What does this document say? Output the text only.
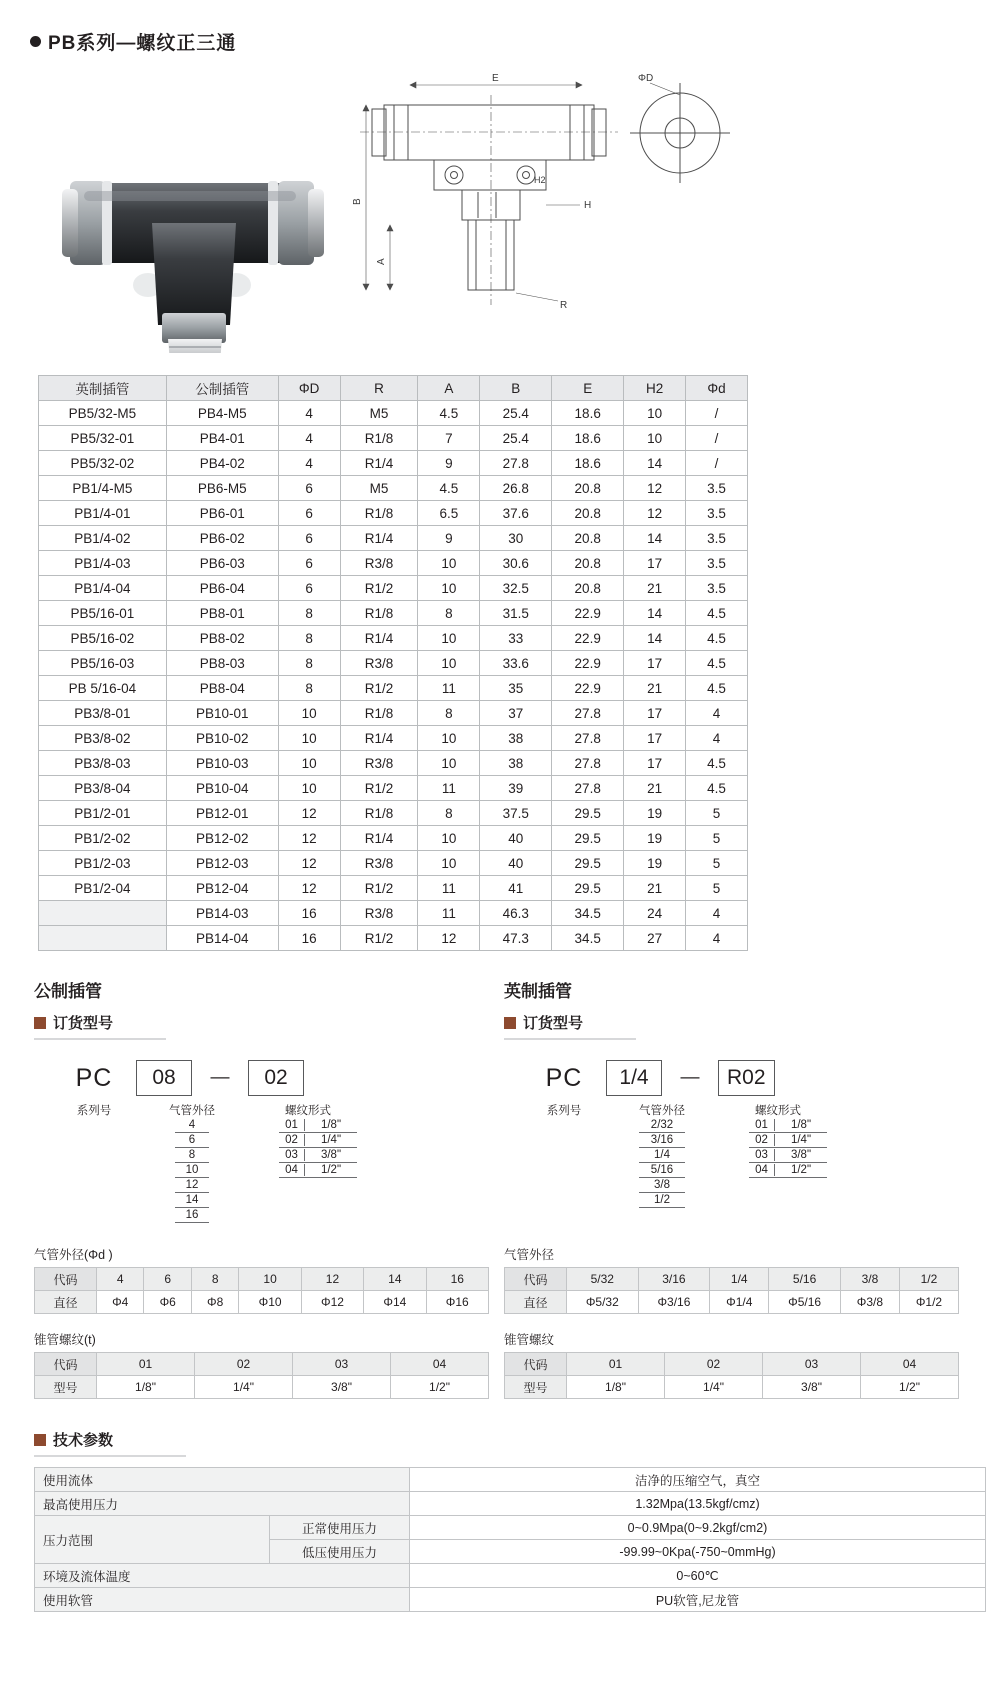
PB系列—螺纹正三通
E
B
A
H
R
ΦD
H2
英制插管	公制插管	ΦD	R	A	B	E	H2	Φd
PB5/32-M5	PB4-M5	4	M5	4.5	25.4	18.6	10	/
PB5/32-01	PB4-01	4	R1/8	7	25.4	18.6	10	/
PB5/32-02	PB4-02	4	R1/4	9	27.8	18.6	14	/
PB1/4-M5	PB6-M5	6	M5	4.5	26.8	20.8	12	3.5
PB1/4-01	PB6-01	6	R1/8	6.5	37.6	20.8	12	3.5
PB1/4-02	PB6-02	6	R1/4	9	30	20.8	14	3.5
PB1/4-03	PB6-03	6	R3/8	10	30.6	20.8	17	3.5
PB1/4-04	PB6-04	6	R1/2	10	32.5	20.8	21	3.5
PB5/16-01	PB8-01	8	R1/8	8	31.5	22.9	14	4.5
PB5/16-02	PB8-02	8	R1/4	10	33	22.9	14	4.5
PB5/16-03	PB8-03	8	R3/8	10	33.6	22.9	17	4.5
PB 5/16-04	PB8-04	8	R1/2	11	35	22.9	21	4.5
PB3/8-01	PB10-01	10	R1/8	8	37	27.8	17	4
PB3/8-02	PB10-02	10	R1/4	10	38	27.8	17	4
PB3/8-03	PB10-03	10	R3/8	10	38	27.8	17	4.5
PB3/8-04	PB10-04	10	R1/2	11	39	27.8	21	4.5
PB1/2-01	PB12-01	12	R1/8	8	37.5	29.5	19	5
PB1/2-02	PB12-02	12	R1/4	10	40	29.5	19	5
PB1/2-03	PB12-03	12	R3/8	10	40	29.5	19	5
PB1/2-04	PB12-04	12	R1/2	11	41	29.5	21	5
	PB14-03	16	R3/8	11	46.3	34.5	24	4
	PB14-04	16	R1/2	12	47.3	34.5	27	4
公制插管
订货型号
PC	08	—	02
系列号	气管外径	螺纹形式
4
6
8
10
12
14
16
01	1/8"
02	1/4"
03	3/8"
04	1/2"
英制插管
订货型号
PC	1/4	—	R02
系列号	气管外径	螺纹形式
2/32
3/16
1/4
5/16
3/8
1/2
01	1/8"
02	1/4"
03	3/8"
04	1/2"
气管外径(Φd )
代码	4	6	8	10	12	14	16
直径	Φ4	Φ6	Φ8	Φ10	Φ12	Φ14	Φ16
锥管螺纹(t)
代码	01	02	03	04
型号	1/8"	1/4"	3/8"	1/2"
气管外径
代码	5/32	3/16	1/4	5/16	3/8	1/2
直径	Φ5/32	Φ3/16	Φ1/4	Φ5/16	Φ3/8	Φ1/2
锥管螺纹
代码	01	02	03	04
型号	1/8"	1/4"	3/8"	1/2"
技术参数
使用流体		洁净的压缩空气，真空
最高使用压力		1.32Mpa(13.5kgf/cmz)
压力范围	正常使用压力	0~0.9Mpa(0~9.2kgf/cm2)
	低压使用压力	-99.99~0Kpa(-750~0mmHg)
环境及流体温度		0~60℃
使用软管		PU软管,尼龙管
